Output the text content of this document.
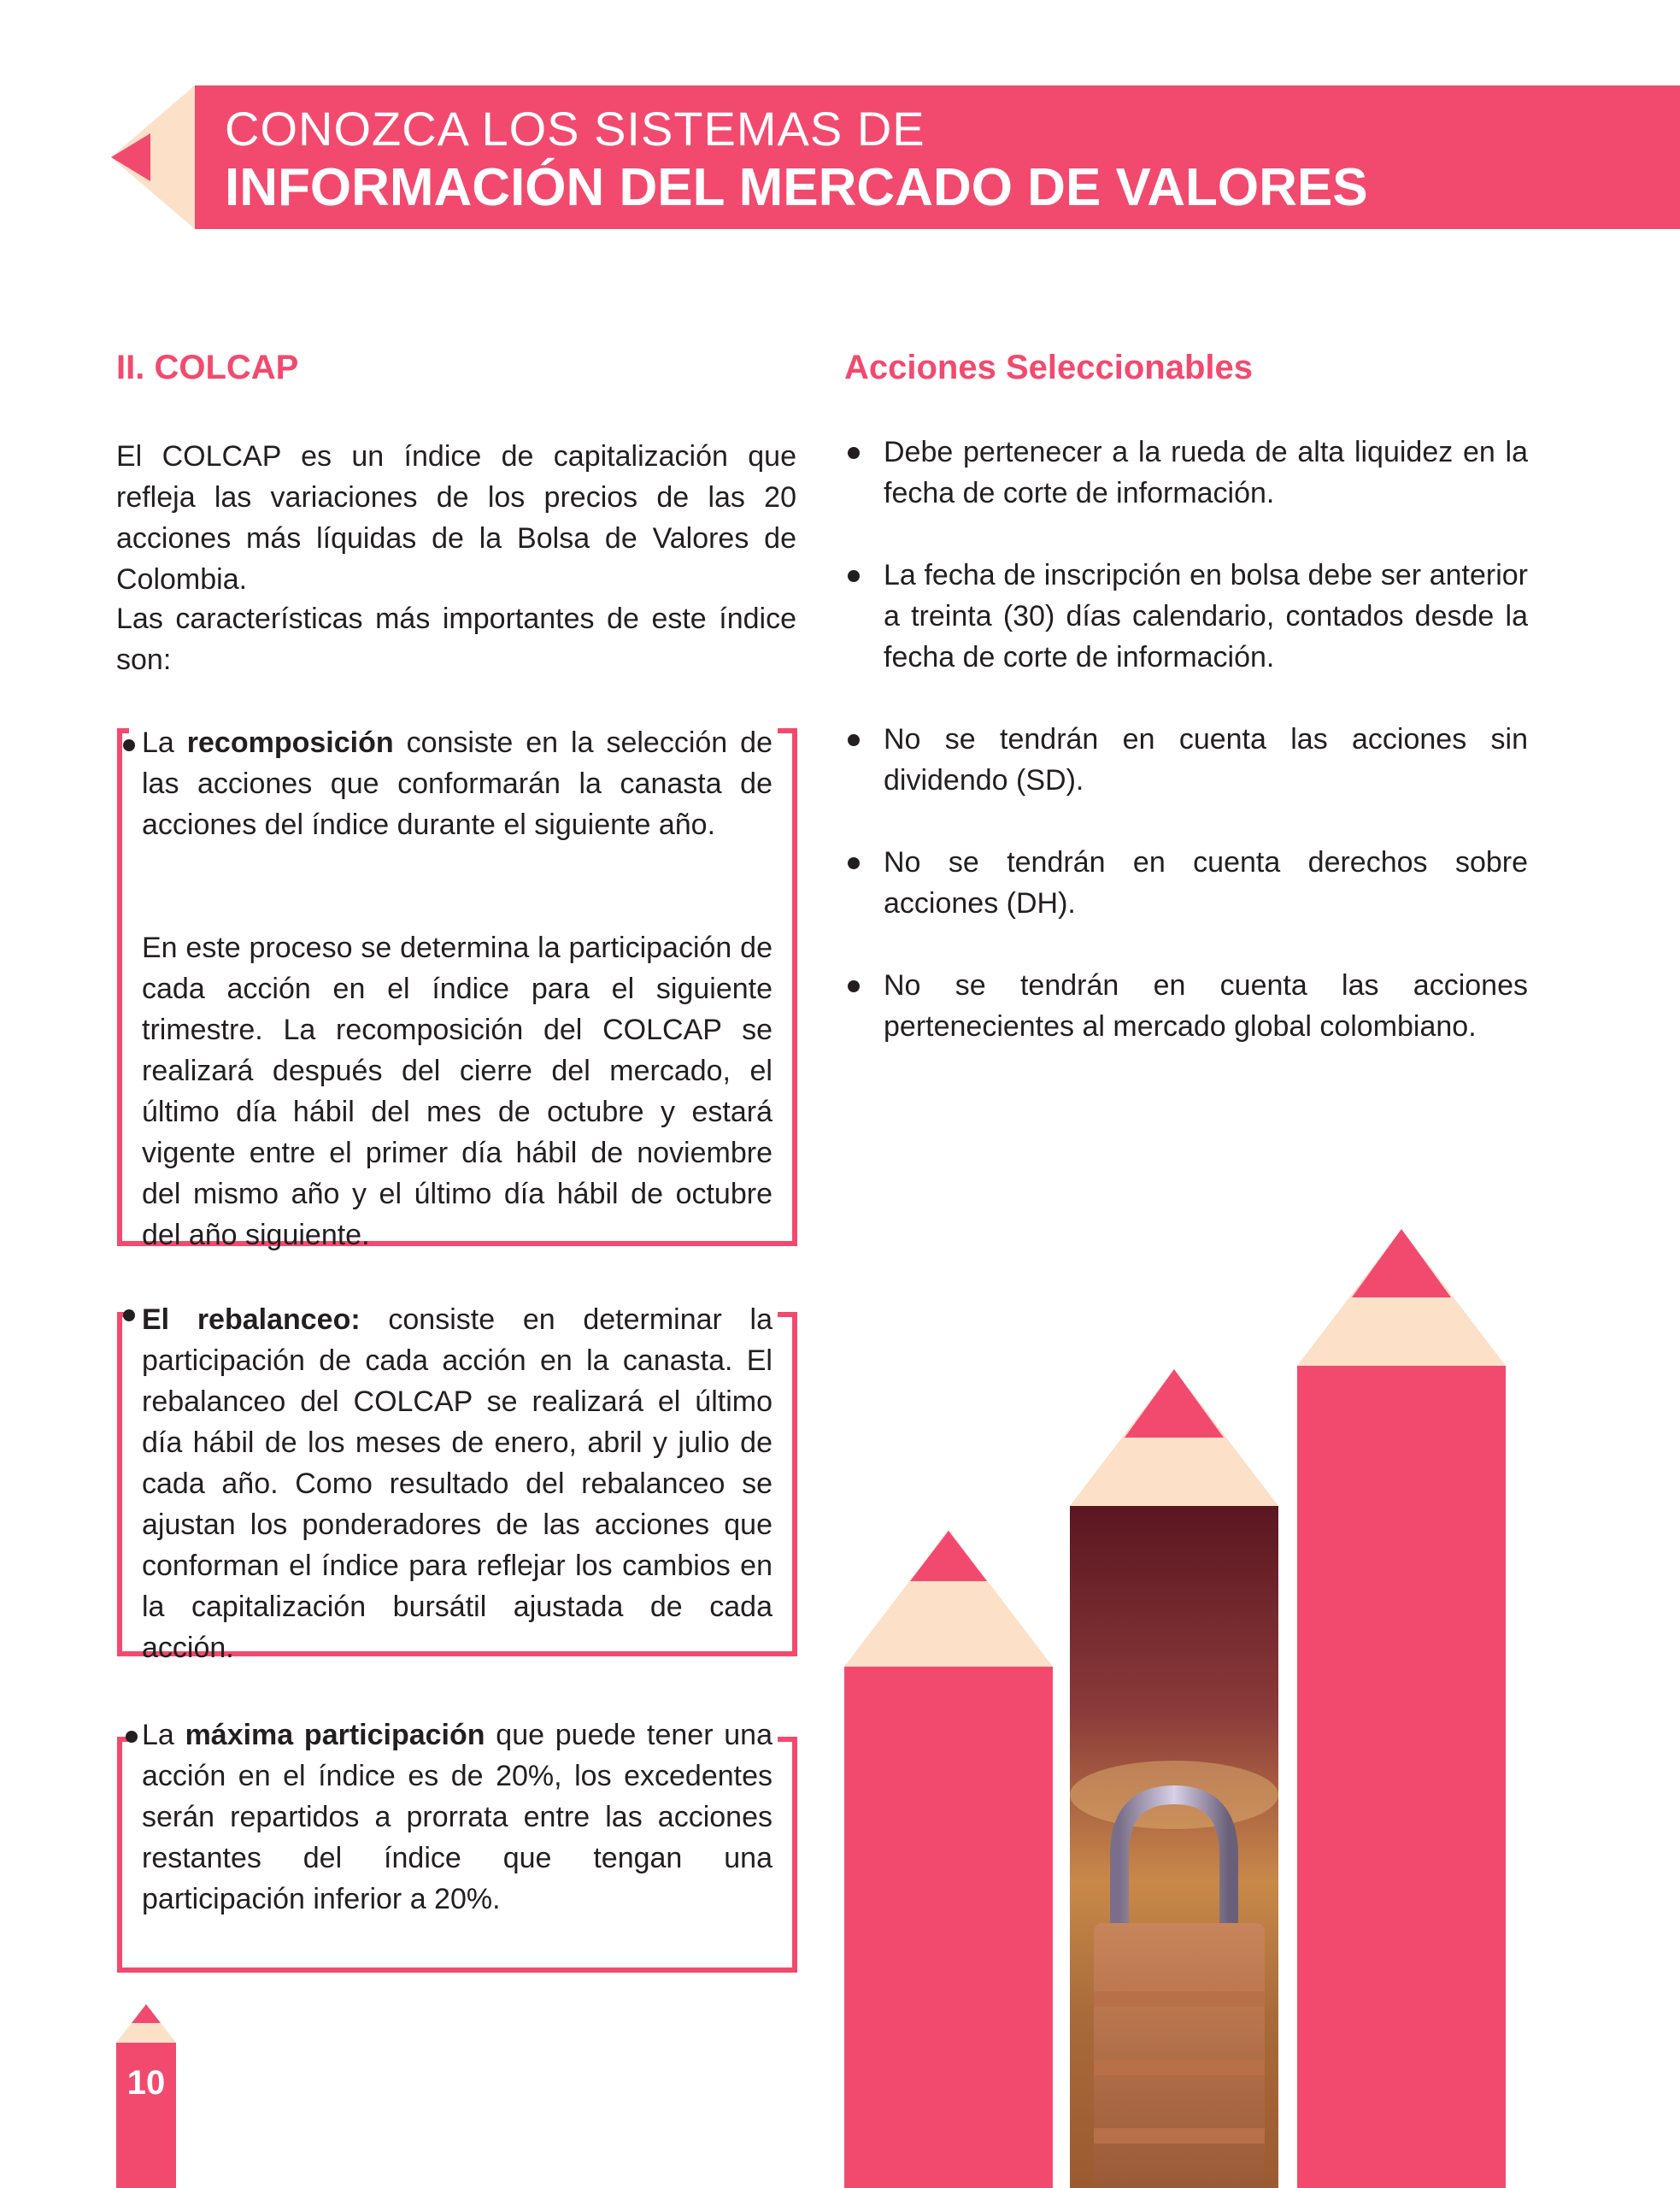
CONOZCA LOS SISTEMAS DE
INFORMACIÓN DEL MERCADO DE VALORES
II. COLCAP
El COLCAP es un índice de capitalización que refleja las variaciones de los precios de las 20 acciones más líquidas de la Bolsa de Valores de Colombia.
Las características más importantes de este índice son:
La recomposición consiste en la selección de las acciones que conformarán la canasta de acciones del índice durante el siguiente año.
En este proceso se determina la participación de cada acción en el índice para el siguiente trimestre. La recomposición del COLCAP se realizará después del cierre del mercado, el último día hábil del mes de octubre y estará vigente entre el primer día hábil de noviembre del mismo año y el último día hábil de octubre del año siguiente.
El rebalanceo: consiste en determinar la participación de cada acción en la canasta. El rebalanceo del COLCAP se realizará el último día hábil de los meses de enero, abril y julio de cada año. Como resultado del rebalanceo se ajustan los ponderadores de las acciones que conforman el índice para reflejar los cambios en la capitalización bursátil ajustada de cada acción.
La máxima participación que puede tener una acción en el índice es de 20%, los excedentes serán repartidos a prorrata entre las acciones restantes del índice que tengan una participación inferior a 20%.
Acciones Seleccionables
Debe pertenecer a la rueda de alta liquidez en la fecha de corte de información.
La fecha de inscripción en bolsa debe ser anterior a treinta (30) días calendario, contados desde la fecha de corte de información.
No se tendrán en cuenta las acciones sin dividendo (SD).
No se tendrán en cuenta derechos sobre acciones (DH).
No se tendrán en cuenta las acciones pertenecientes al mercado global colombiano.
10
